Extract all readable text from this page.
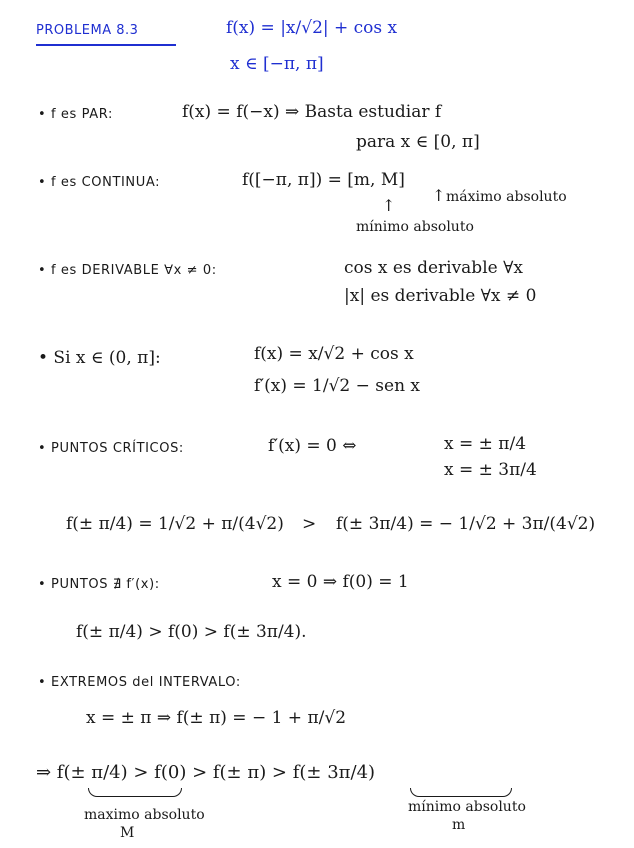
PROBLEMA 8.3	f(x) = |x/√2| + cos x
x ∈ [−π, π]
• f es PAR:	f(x) = f(−x) ⇒ Basta estudiar f
para x ∈ [0, π]
• f es CONTINUA:	f([−π, π]) = [m, M]
↑ máximo absoluto
↑
mínimo absoluto
• f es DERIVABLE ∀x ≠ 0:	cos x es derivable ∀x
|x| es derivable ∀x ≠ 0
• Si x ∈ (0, π]:	f(x) = x/√2 + cos x
f′(x) = 1/√2 − sen x
• PUNTOS CRÍTICOS:	f′(x) = 0 ⇔	x = ± π/4
x = ± 3π/4
f(± π/4) = 1/√2 + π/(4√2) > f(± 3π/4) = − 1/√2 + 3π/(4√2)
• PUNTOS ∄ f′(x):	x = 0 ⇒ f(0) = 1
f(± π/4) > f(0) > f(± 3π/4).
• EXTREMOS del INTERVALO:
x = ± π ⇒ f(± π) = − 1 + π/√2
⇒ f(± π/4) > f(0) > f(± π) > f(± 3π/4)
maximo absoluto
M
mínimo absoluto
m
